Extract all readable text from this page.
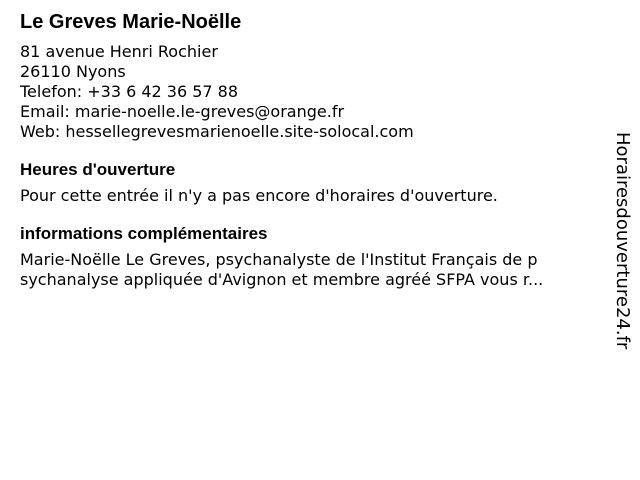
Le Greves Marie-Noëlle
81 avenue Henri Rochier
26110 Nyons
Telefon: +33 6 42 36 57 88
Email: marie-noelle.le-greves@orange.fr
Web: hessellegrevesmarienoelle.site-solocal.com
Heures d'ouverture
Pour cette entrée il n'y a pas encore d'horaires d'ouverture.
informations complémentaires
Marie-Noëlle Le Greves, psychanalyste de l'Institut Français de p
sychanalyse appliquée d'Avignon et membre agréé SFPA vous r...	Horairesdouverture24.fr
